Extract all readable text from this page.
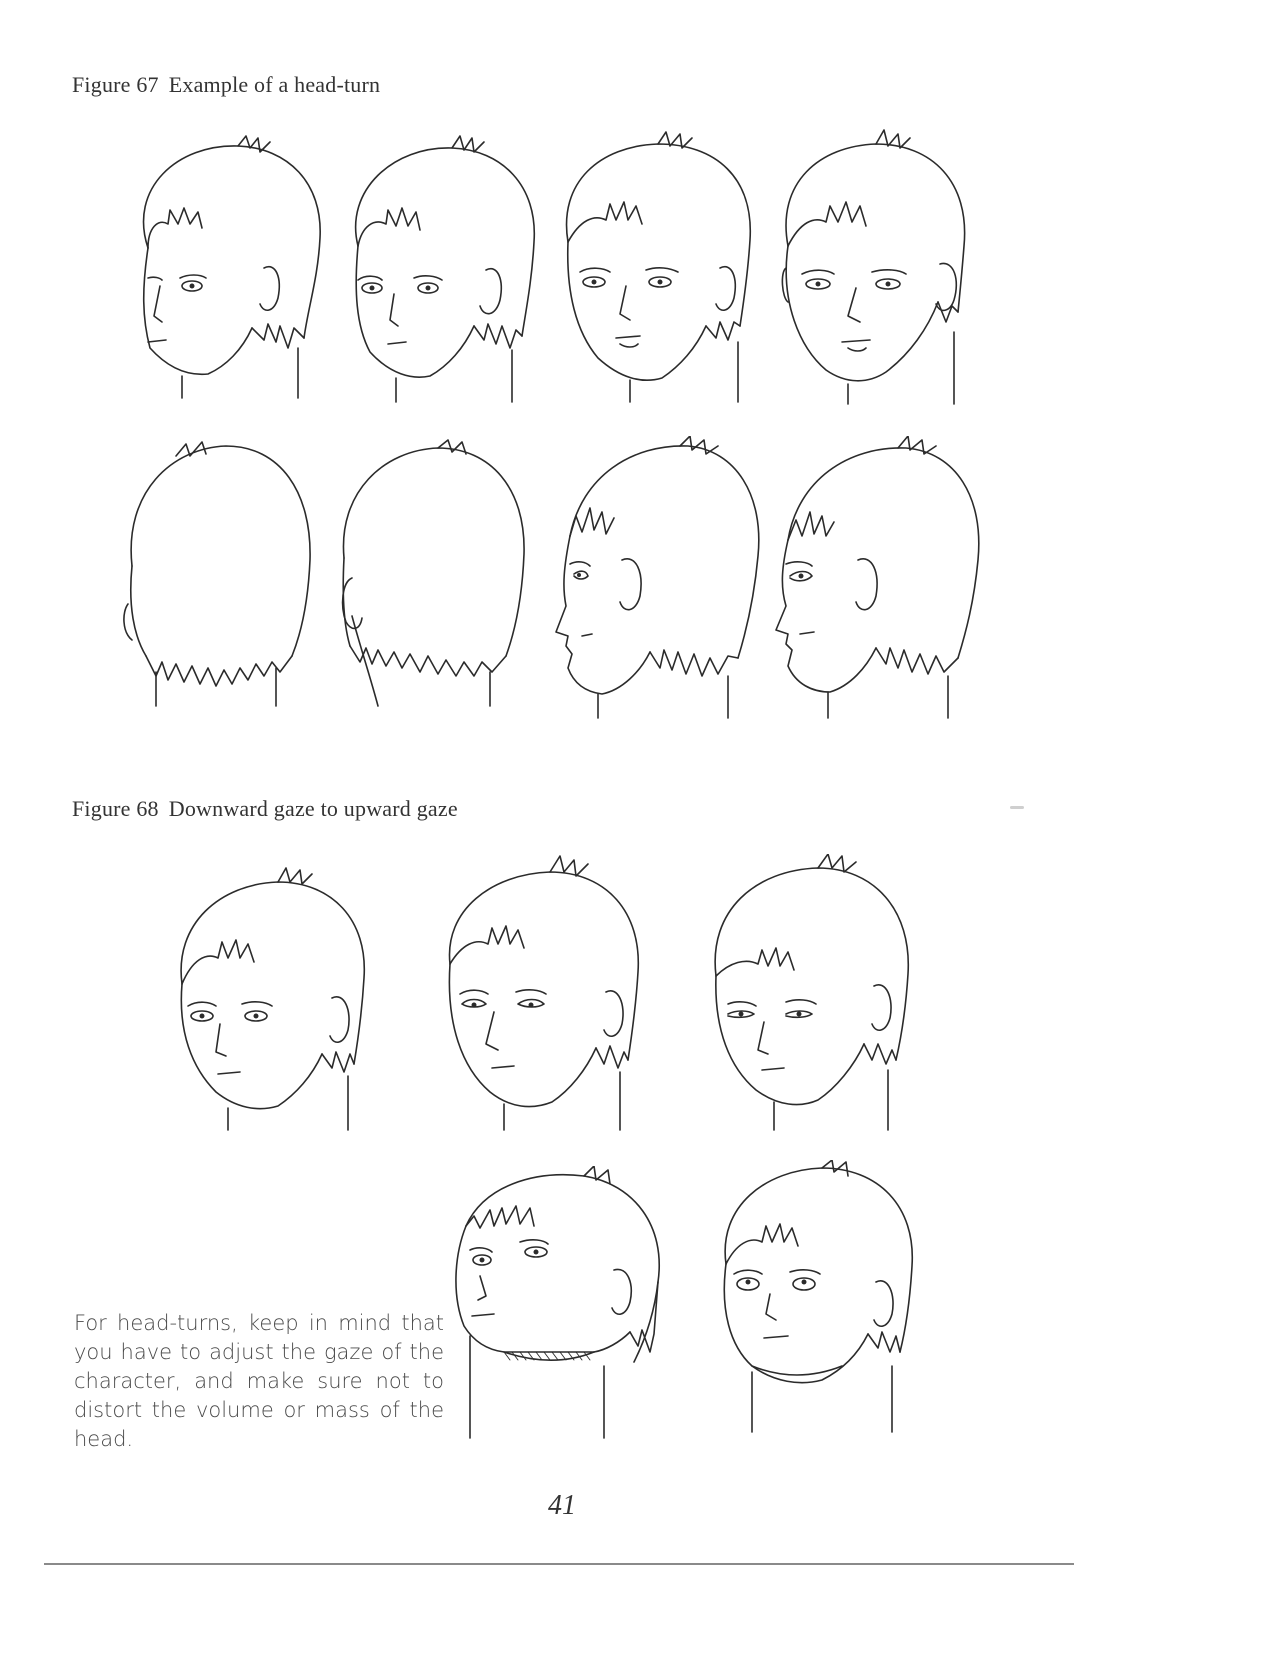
Figure 67 Example of a head-turn
Figure 68 Downward gaze to upward gaze

For head-turns, keep in mind that you have to adjust the gaze of the character, and make sure not to distort the volume or mass of the head.

41
